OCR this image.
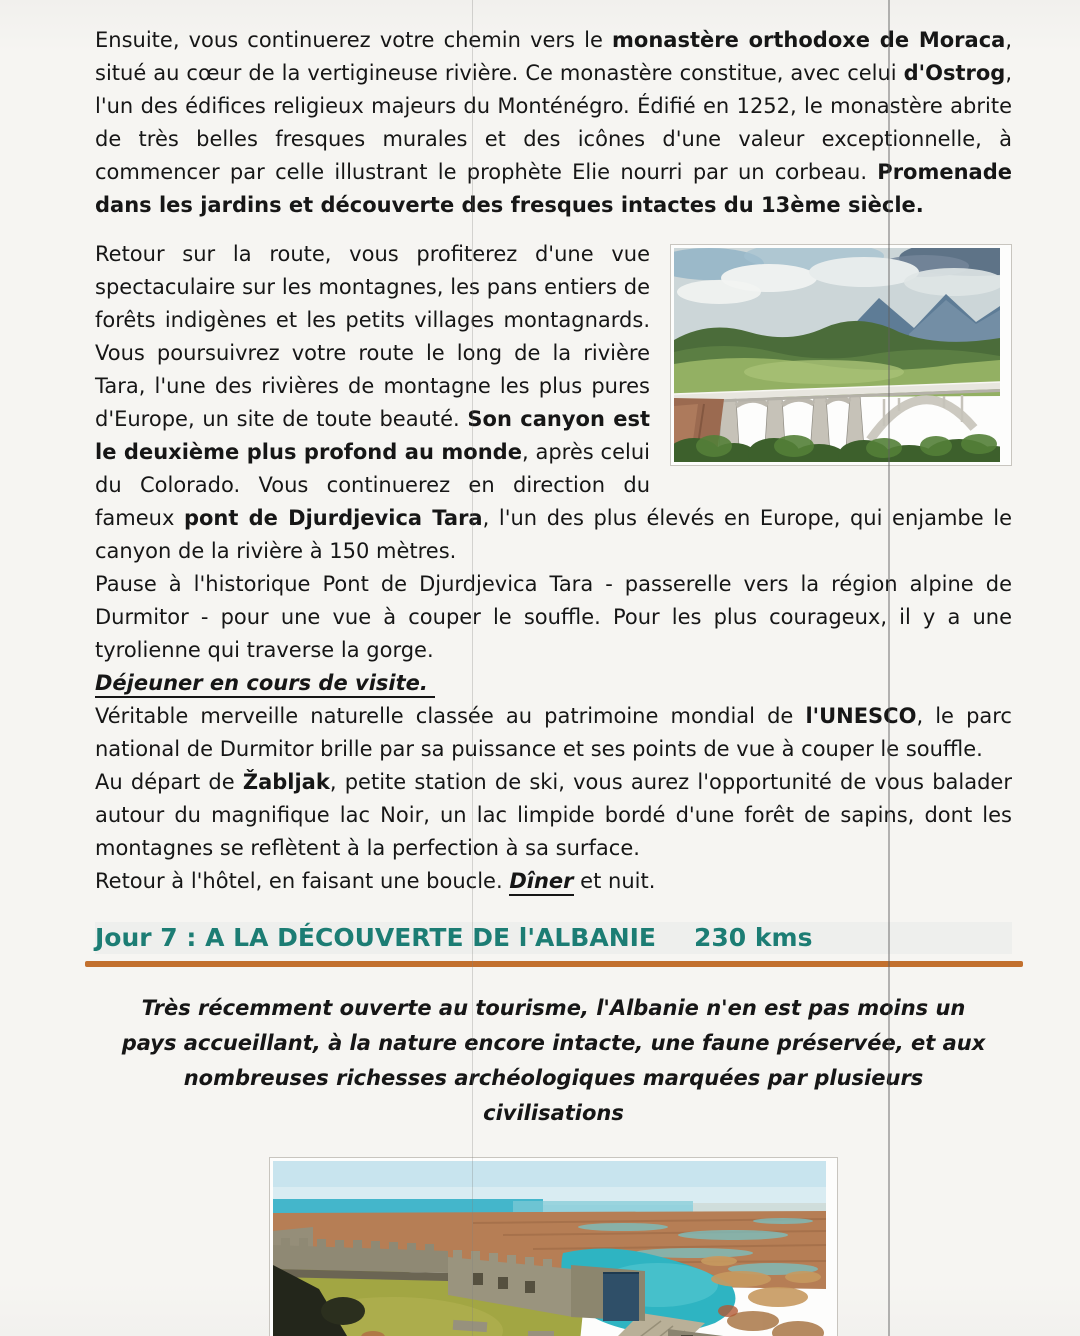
Ensuite, vous continuerez votre chemin vers le monastère orthodoxe de Moraca, situé au cœur de la vertigineuse rivière. Ce monastère constitue, avec celui d'Ostrog, l'un des édifices religieux majeurs du Monténégro. Édifié en 1252, le monastère abrite de très belles fresques murales et des icônes d'une valeur exceptionnelle, à commencer par celle illustrant le prophète Elie nourri par un corbeau. Promenade dans les jardins et découverte des fresques intactes du 13ème siècle.
Retour sur la route, vous profiterez d'une vue spectaculaire sur les montagnes, les pans entiers de forêts indigènes et les petits villages montagnards. Vous poursuivrez votre route le long de la rivière Tara, l'une des rivières de montagne les plus pures d'Europe, un site de toute beauté. Son canyon est le deuxième plus profond au monde, après celui du Colorado. Vous continuerez en direction du fameux pont de Djurdjevica Tara, l'un des plus élevés en Europe, qui enjambe le canyon de la rivière à 150 mètres.
Pause à l'historique Pont de Djurdjevica Tara - passerelle vers la région alpine de Durmitor - pour une vue à couper le souffle. Pour les plus courageux, il y a une tyrolienne qui traverse la gorge.
Déjeuner en cours de visite.
Véritable merveille naturelle classée au patrimoine mondial de l'UNESCO, le parc national de Durmitor brille par sa puissance et ses points de vue à couper le souffle.
Au départ de Žabljak, petite station de ski, vous aurez l'opportunité de vous balader autour du magnifique lac Noir, un lac limpide bordé d'une forêt de sapins, dont les montagnes se reflètent à la perfection à sa surface.
Retour à l'hôtel, en faisant une boucle. Dîner et nuit.
Jour 7 : A LA DÉCOUVERTE DE l'ALBANIE 230 kms
Très récemment ouverte au tourisme, l'Albanie n'en est pas moins un pays accueillant, à la nature encore intacte, une faune préservée, et aux nombreuses richesses archéologiques marquées par plusieurs civilisations
